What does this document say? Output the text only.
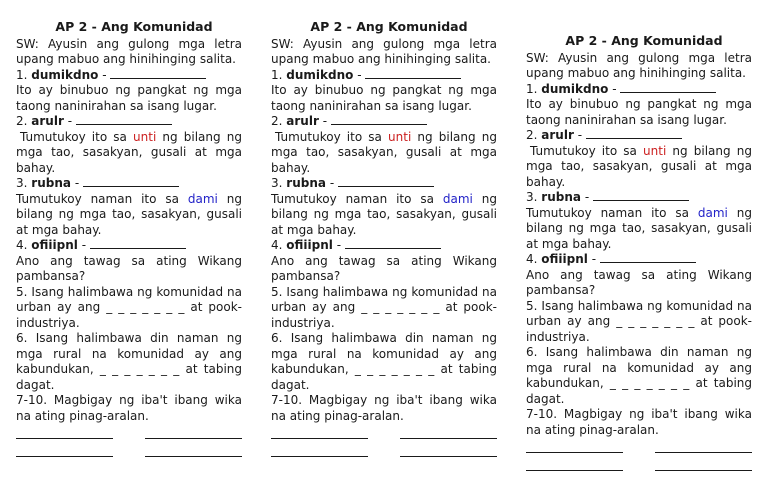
AP 2 - Ang Komunidad
SW: Ayusin ang gulong mga letra upang mabuo ang hinihinging salita.
1. dumikdno -
Ito ay binubuo ng pangkat ng mga taong naninirahan sa isang lugar.
2. arulr -
Tumutukoy ito sa unti ng bilang ng mga tao, sasakyan, gusali at mga bahay.
3. rubna -
Tumutukoy naman ito sa dami ng bilang ng mga tao, sasakyan, gusali at mga bahay.
4. ofiiipnl -
Ano ang tawag sa ating Wikang pambansa?
5. Isang halimbawa ng komunidad na urban ay ang _ _ _ _ _ _ _ at pook-industriya.
6. Isang halimbawa din naman ng mga rural na komunidad ay ang kabundukan, _ _ _ _ _ _ _ at tabing dagat.
7-10. Magbigay ng iba't ibang wika na ating pinag-aralan.
AP 2 - Ang Komunidad
SW: Ayusin ang gulong mga letra upang mabuo ang hinihinging salita.
1. dumikdno -
Ito ay binubuo ng pangkat ng mga taong naninirahan sa isang lugar.
2. arulr -
Tumutukoy ito sa unti ng bilang ng mga tao, sasakyan, gusali at mga bahay.
3. rubna -
Tumutukoy naman ito sa dami ng bilang ng mga tao, sasakyan, gusali at mga bahay.
4. ofiiipnl -
Ano ang tawag sa ating Wikang pambansa?
5. Isang halimbawa ng komunidad na urban ay ang _ _ _ _ _ _ _ at pook-industriya.
6. Isang halimbawa din naman ng mga rural na komunidad ay ang kabundukan, _ _ _ _ _ _ _ at tabing dagat.
7-10. Magbigay ng iba't ibang wika na ating pinag-aralan.
AP 2 - Ang Komunidad
SW: Ayusin ang gulong mga letra upang mabuo ang hinihinging salita.
1. dumikdno -
Ito ay binubuo ng pangkat ng mga taong naninirahan sa isang lugar.
2. arulr -
Tumutukoy ito sa unti ng bilang ng mga tao, sasakyan, gusali at mga bahay.
3. rubna -
Tumutukoy naman ito sa dami ng bilang ng mga tao, sasakyan, gusali at mga bahay.
4. ofiiipnl -
Ano ang tawag sa ating Wikang pambansa?
5. Isang halimbawa ng komunidad na urban ay ang _ _ _ _ _ _ _ at pook-industriya.
6. Isang halimbawa din naman ng mga rural na komunidad ay ang kabundukan, _ _ _ _ _ _ _ at tabing dagat.
7-10. Magbigay ng iba't ibang wika na ating pinag-aralan.
